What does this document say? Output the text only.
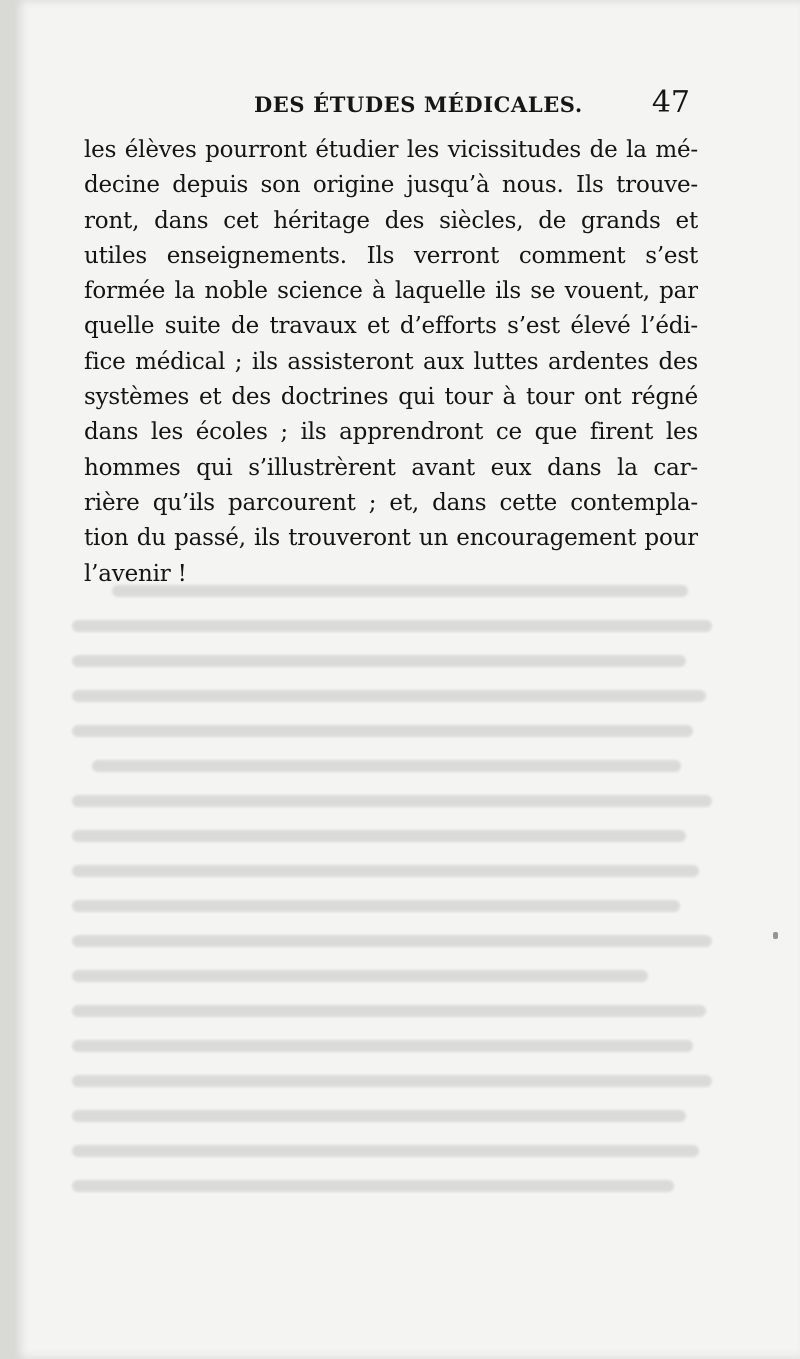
DES ÉTUDES MÉDICALES. 47
les élèves pourront étudier les vicissitudes de la mé-
decine depuis son origine jusqu’à nous. Ils trouve-
ront, dans cet héritage des siècles, de grands et
utiles enseignements. Ils verront comment s’est
formée la noble science à laquelle ils se vouent, par
quelle suite de travaux et d’efforts s’est élevé l’édi-
fice médical ; ils assisteront aux luttes ardentes des
systèmes et des doctrines qui tour à tour ont régné
dans les écoles ; ils apprendront ce que firent les
hommes qui s’illustrèrent avant eux dans la car-
rière qu’ils parcourent ; et, dans cette contempla-
tion du passé, ils trouveront un encouragement pour
l’avenir !
